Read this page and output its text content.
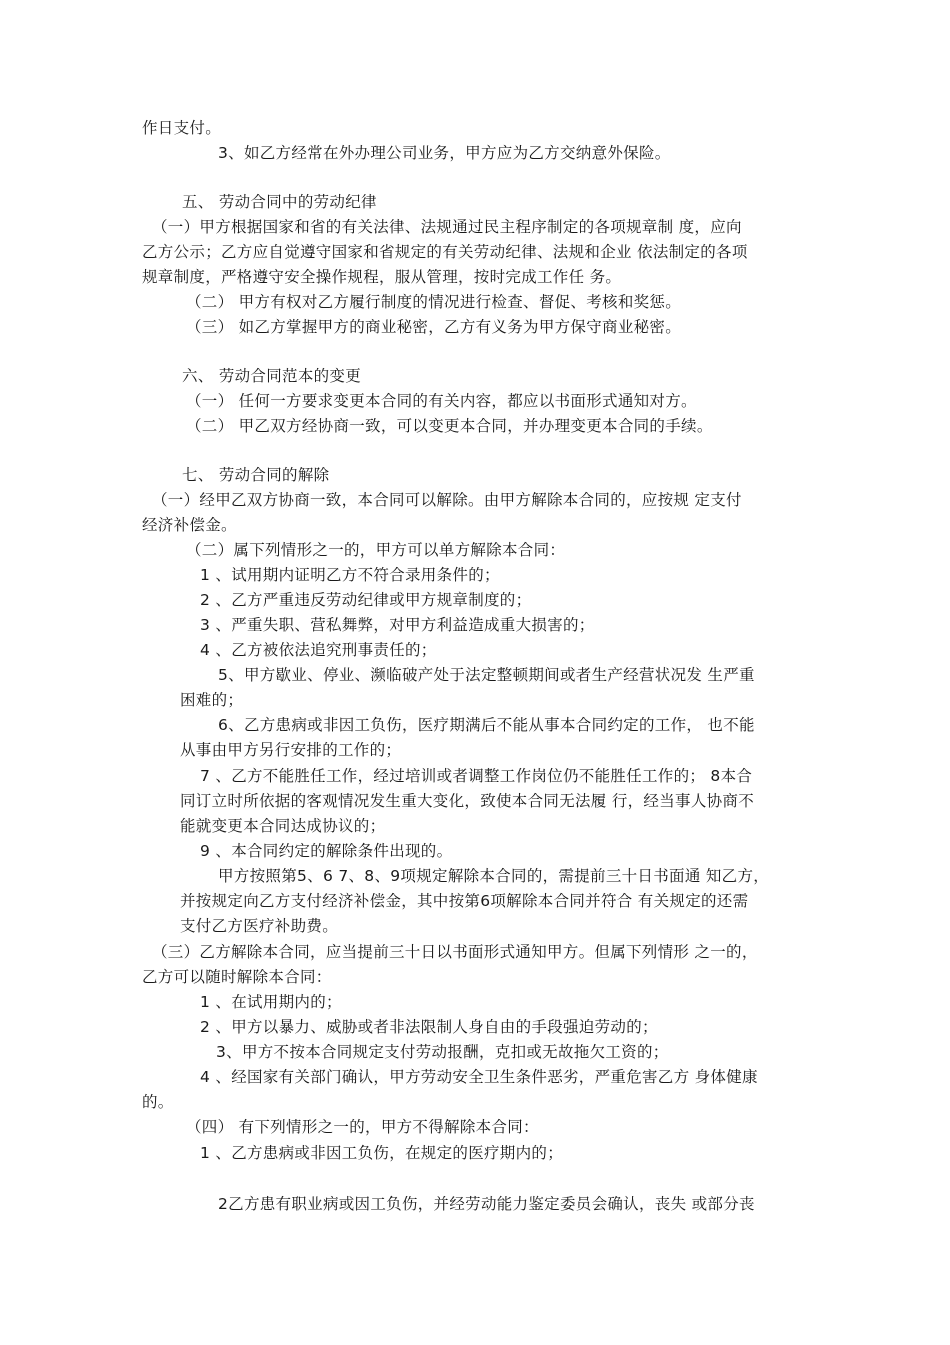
作日支付。
3、如乙方经常在外办理公司业务，甲方应为乙方交纳意外保险。
五、 劳动合同中的劳动纪律
（一）甲方根据国家和省的有关法律、法规通过民主程序制定的各项规章制 度，应向
乙方公示；乙方应自觉遵守国家和省规定的有关劳动纪律、法规和企业 依法制定的各项
规章制度，严格遵守安全操作规程，服从管理，按时完成工作任 务。
（二） 甲方有权对乙方履行制度的情况进行检查、督促、考核和奖惩。
（三） 如乙方掌握甲方的商业秘密，乙方有义务为甲方保守商业秘密。
六、 劳动合同范本的变更
（一） 任何一方要求变更本合同的有关内容，都应以书面形式通知对方。
（二） 甲乙双方经协商一致，可以变更本合同，并办理变更本合同的手续。
七、 劳动合同的解除
（一）经甲乙双方协商一致，本合同可以解除。由甲方解除本合同的，应按规 定支付
经济补偿金。
（二）属下列情形之一的，甲方可以单方解除本合同：
1 、试用期内证明乙方不符合录用条件的；
2 、乙方严重违反劳动纪律或甲方规章制度的；
3 、严重失职、营私舞弊，对甲方利益造成重大损害的；
4 、乙方被依法追究刑事责任的；
5、甲方歇业、停业、濒临破产处于法定整顿期间或者生产经营状况发 生严重
困难的；
6、乙方患病或非因工负伤，医疗期满后不能从事本合同约定的工作， 也不能
从事由甲方另行安排的工作的；
7 、乙方不能胜任工作，经过培训或者调整工作岗位仍不能胜任工作的； 8本合
同订立时所依据的客观情况发生重大变化，致使本合同无法履 行，经当事人协商不
能就变更本合同达成协议的；
9 、本合同约定的解除条件出现的。
甲方按照第5、6 7、8、9项规定解除本合同的，需提前三十日书面通 知乙方，
并按规定向乙方支付经济补偿金，其中按第6项解除本合同并符合 有关规定的还需
支付乙方医疗补助费。
（三）乙方解除本合同，应当提前三十日以书面形式通知甲方。但属下列情形 之一的，
乙方可以随时解除本合同：
1 、在试用期内的；
2 、甲方以暴力、威胁或者非法限制人身自由的手段强迫劳动的；
3、甲方不按本合同规定支付劳动报酬，克扣或无故拖欠工资的；
4 、经国家有关部门确认，甲方劳动安全卫生条件恶劣，严重危害乙方 身体健康
的。
（四） 有下列情形之一的，甲方不得解除本合同：
1 、乙方患病或非因工负伤，在规定的医疗期内的；
2乙方患有职业病或因工负伤，并经劳动能力鉴定委员会确认，丧失 或部分丧
